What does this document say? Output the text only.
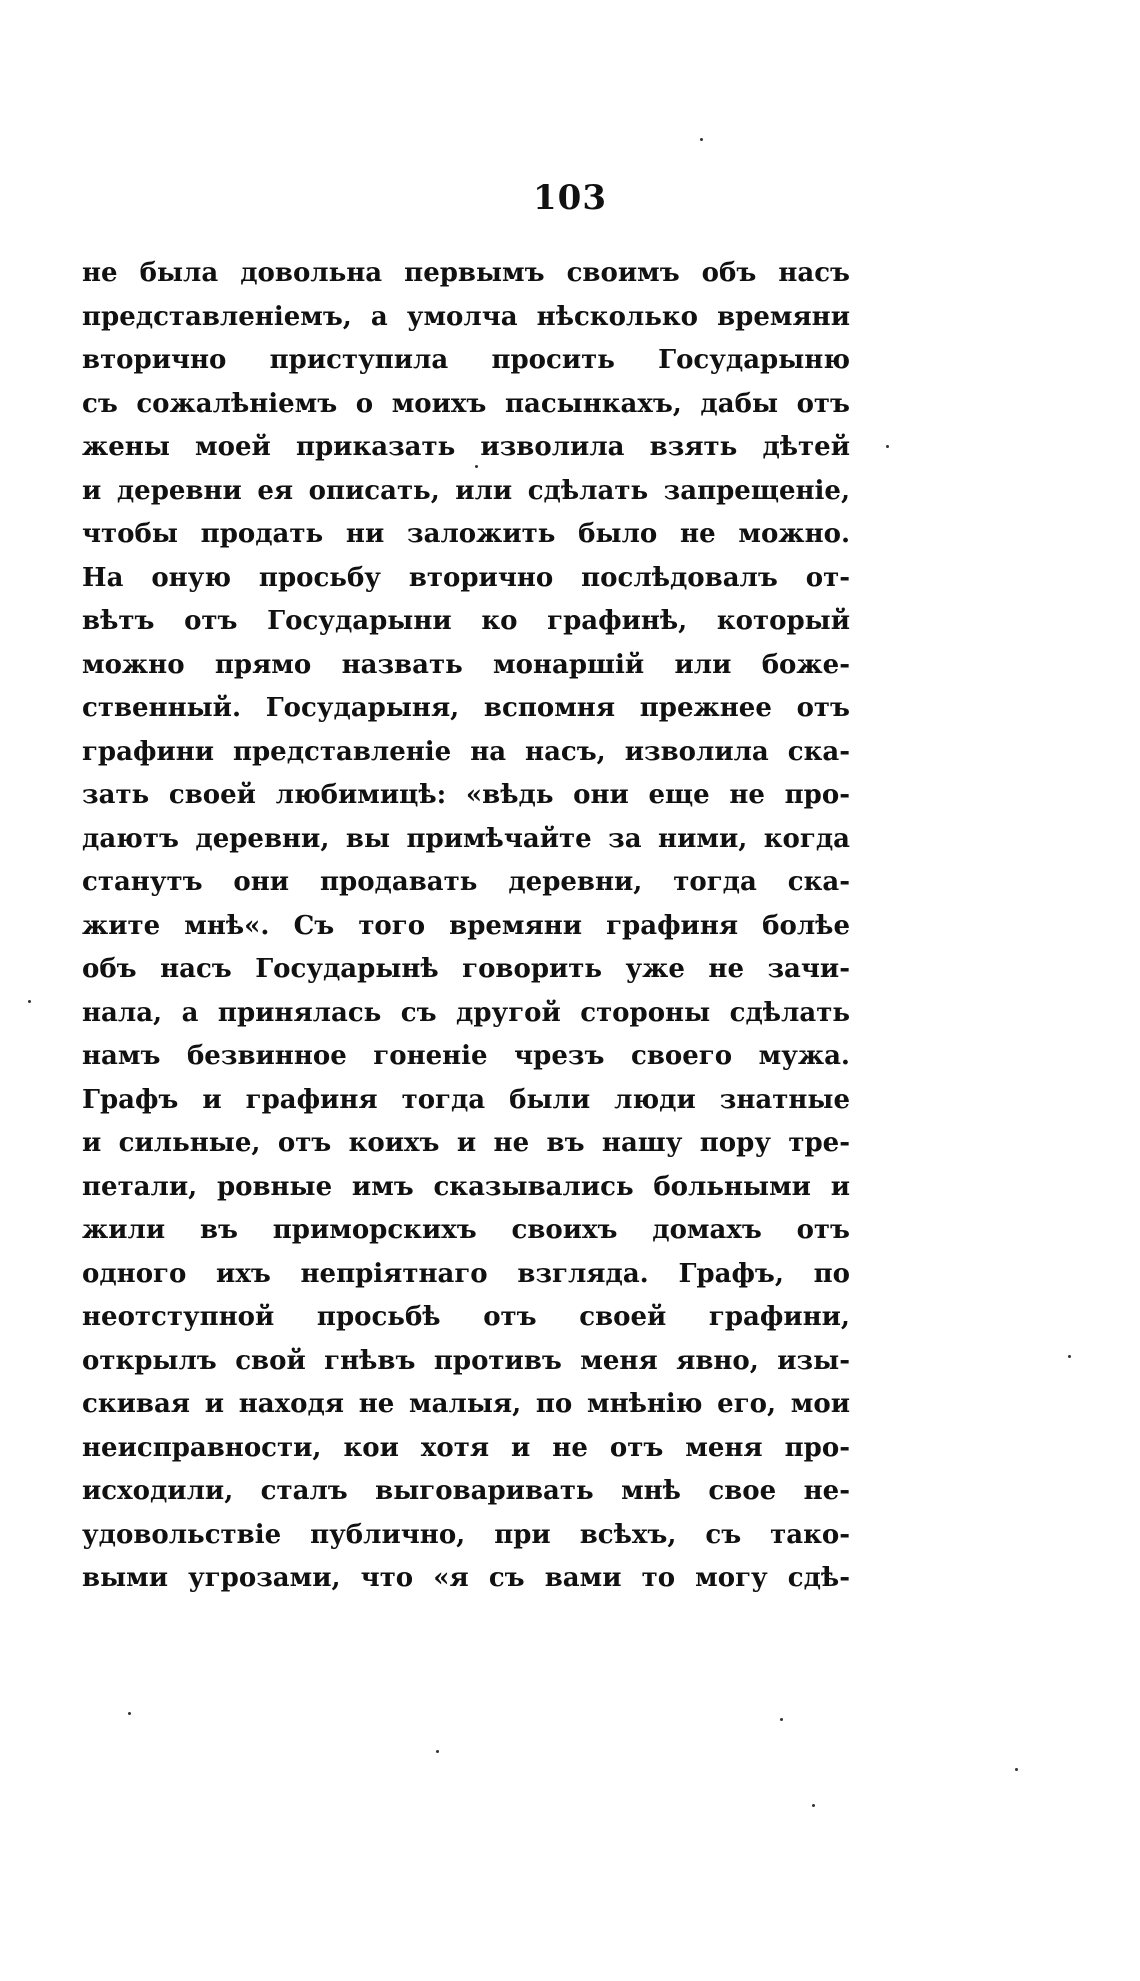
103
не была довольна первымъ своимъ объ насъ
представленіемъ, а умолча нѣсколько времяни
вторично приступила просить Государыню
съ сожалѣніемъ о моихъ пасынкахъ, дабы отъ
жены моей приказать изволила взять дѣтей
и деревни ея описать, или сдѣлать запрещеніе,
чтобы продать ни заложить было не можно.
На оную просьбу вторично послѣдовалъ от-
вѣтъ отъ Государыни ко графинѣ, который
можно прямо назвать монаршій или боже-
ственный. Государыня, вспомня прежнее отъ
графини представленіе на насъ, изволила ска-
зать своей любимицѣ: «вѣдь они еще не про-
даютъ деревни, вы примѣчайте за ними, когда
станутъ они продавать деревни, тогда ска-
жите мнѣ«. Съ того времяни графиня болѣе
объ насъ Государынѣ говорить уже не зачи-
нала, а принялась съ другой стороны сдѣлать
намъ безвинное гоненіе чрезъ своего мужа.
Графъ и графиня тогда были люди знатные
и сильные, отъ коихъ и не въ нашу пору тре-
петали, ровные имъ сказывались больными и
жили въ приморскихъ своихъ домахъ отъ
одного ихъ непріятнаго взгляда. Графъ, по
неотступной просьбѣ отъ своей графини,
открылъ свой гнѣвъ противъ меня явно, изы-
скивая и находя не малыя, по мнѣнію его, мои
неисправности, кои хотя и не отъ меня про-
исходили, сталъ выговаривать мнѣ свое не-
удовольствіе публично, при всѣхъ, съ тако-
выми угрозами, что «я съ вами то могу сдѣ-
